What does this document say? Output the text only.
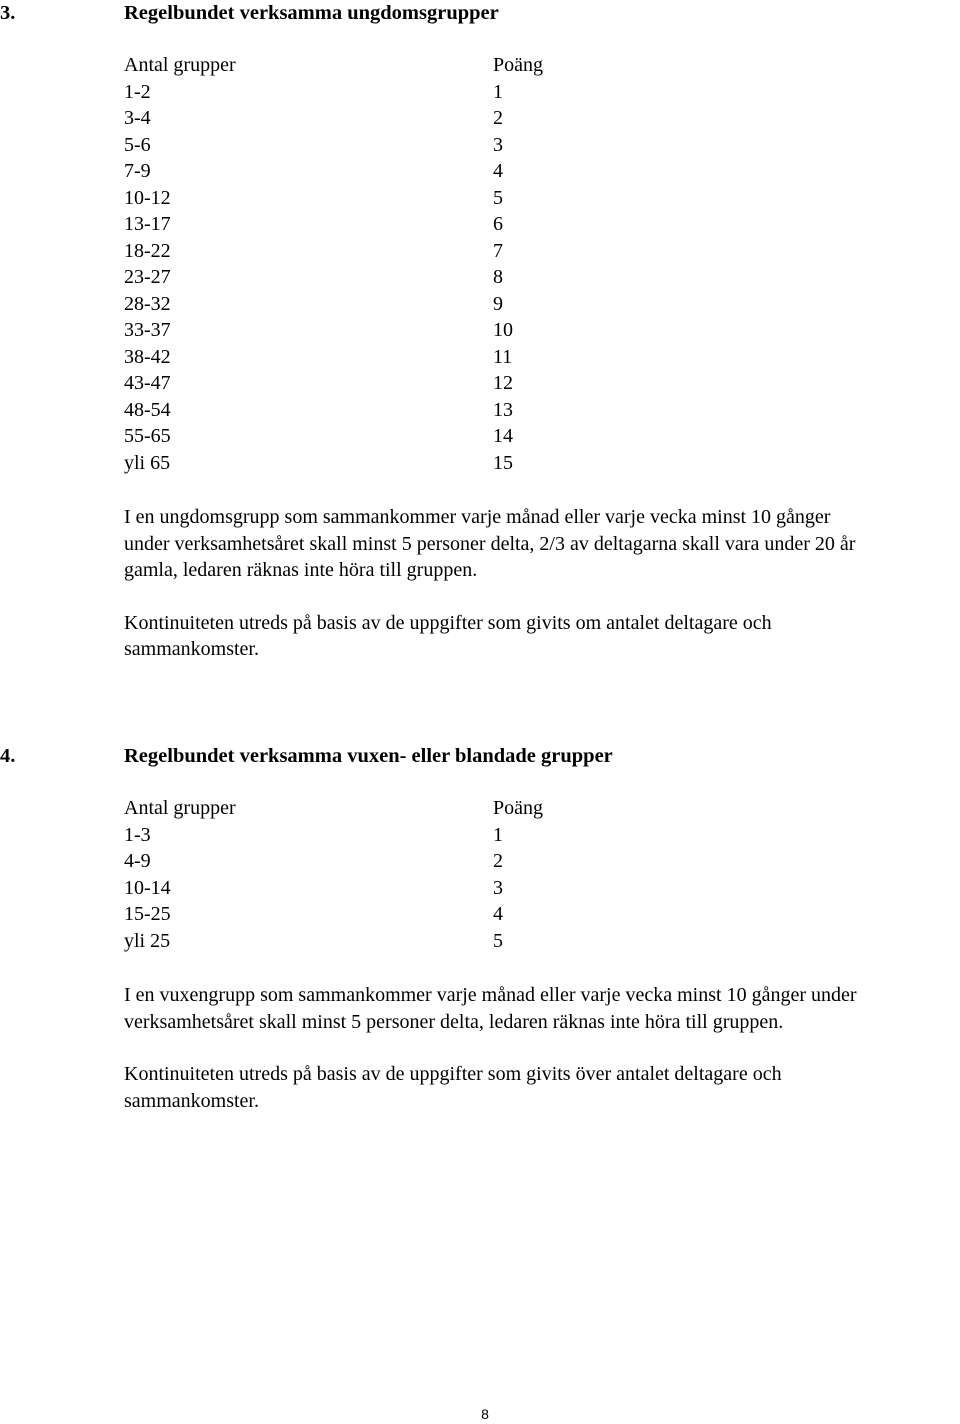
3.	Regelbundet verksamma ungdomsgrupper
Antal grupper	Poäng
1-2	1
3-4	2
5-6	3
7-9	4
10-12	5
13-17	6
18-22	7
23-27	8
28-32	9
33-37	10
38-42	11
43-47	12
48-54	13
55-65	14
yli 65	15
I en ungdomsgrupp som sammankommer varje månad eller varje vecka minst 10 gånger
under verksamhetsåret skall minst 5 personer delta, 2/3 av deltagarna skall vara under 20 år
gamla, ledaren räknas inte höra till gruppen.
Kontinuiteten utreds på basis av de uppgifter som givits om antalet deltagare och
sammankomster.
4.	Regelbundet verksamma vuxen- eller blandade grupper
Antal grupper	Poäng
1-3	1
4-9	2
10-14	3
15-25	4
yli 25	5
I en vuxengrupp som sammankommer varje månad eller varje vecka minst 10 gånger under
verksamhetsåret skall minst 5 personer delta, ledaren räknas inte höra till gruppen.
Kontinuiteten utreds på basis av de uppgifter som givits över antalet deltagare och
sammankomster.
8
